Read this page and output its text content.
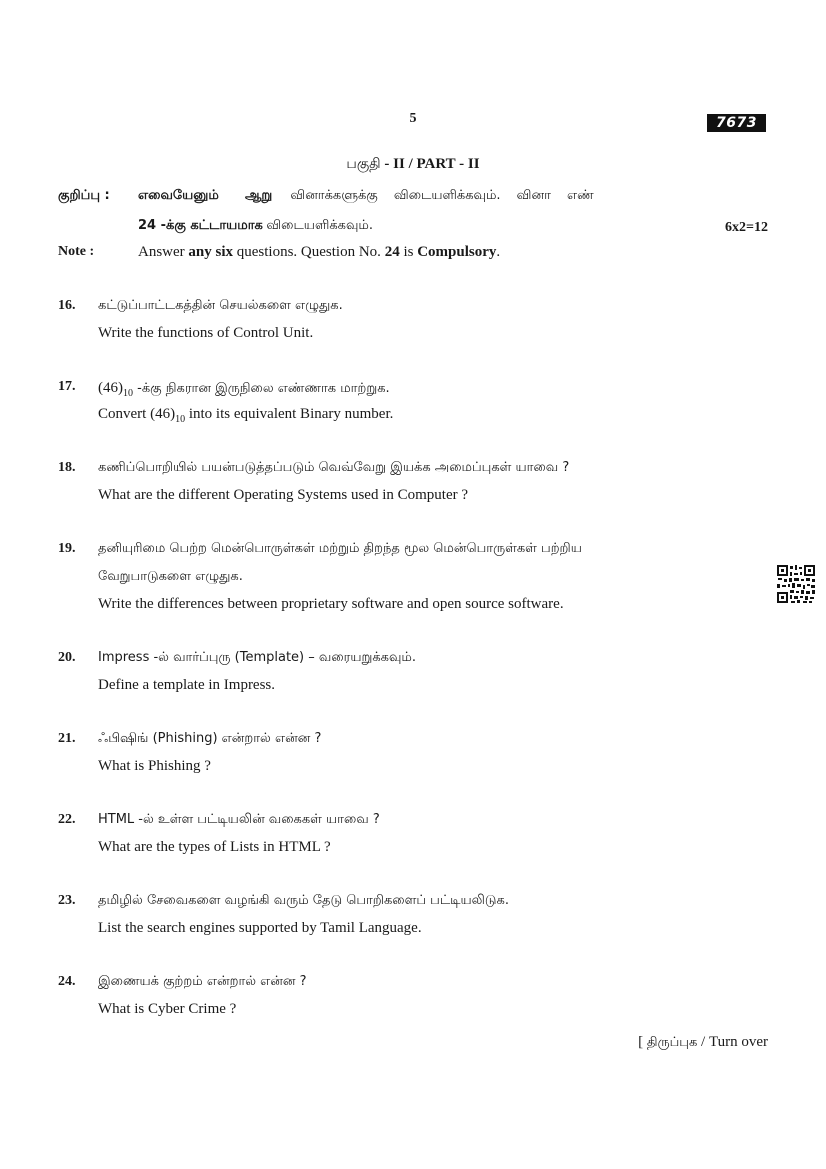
5	7673
பகுதி - II / PART - II
குறிப்பு : எவையேனும் ஆறு வினாக்களுக்கு விடையளிக்கவும். வினா எண்
24 -க்கு கட்டாயமாக விடையளிக்கவும்.	6x2=12
Note :	Answer any six questions. Question No. 24 is Compulsory.
16.	கட்டுப்பாட்டகத்தின் செயல்களை எழுதுக.
Write the functions of Control Unit.
17.	$(46)_{10}$ -க்கு நிகரான இருநிலை எண்ணாக மாற்றுக.
Convert $(46)_{10}$ into its equivalent Binary number.
18.	கணிப்பொறியில் பயன்படுத்தப்படும் வெவ்வேறு இயக்க அமைப்புகள் யாவை ?
What are the different Operating Systems used in Computer ?
19.	தனியுரிமை பெற்ற மென்பொருள்கள் மற்றும் திறந்த மூல மென்பொருள்கள் பற்றிய
வேறுபாடுகளை எழுதுக.
Write the differences between proprietary software and open source software.
20.	Impress -ல் வார்ப்புரு (Template) – வரையறுக்கவும்.
Define a template in Impress.
21.	ஃபிஷிங் (Phishing) என்றால் என்ன ?
What is Phishing ?
22.	HTML -ல் உள்ள பட்டியலின் வகைகள் யாவை ?
What are the types of Lists in HTML ?
23.	தமிழில் சேவைகளை வழங்கி வரும் தேடு பொறிகளைப் பட்டியலிடுக.
List the search engines supported by Tamil Language.
24.	இணையக் குற்றம் என்றால் என்ன ?
What is Cyber Crime ?
[ திருப்புக / Turn over
